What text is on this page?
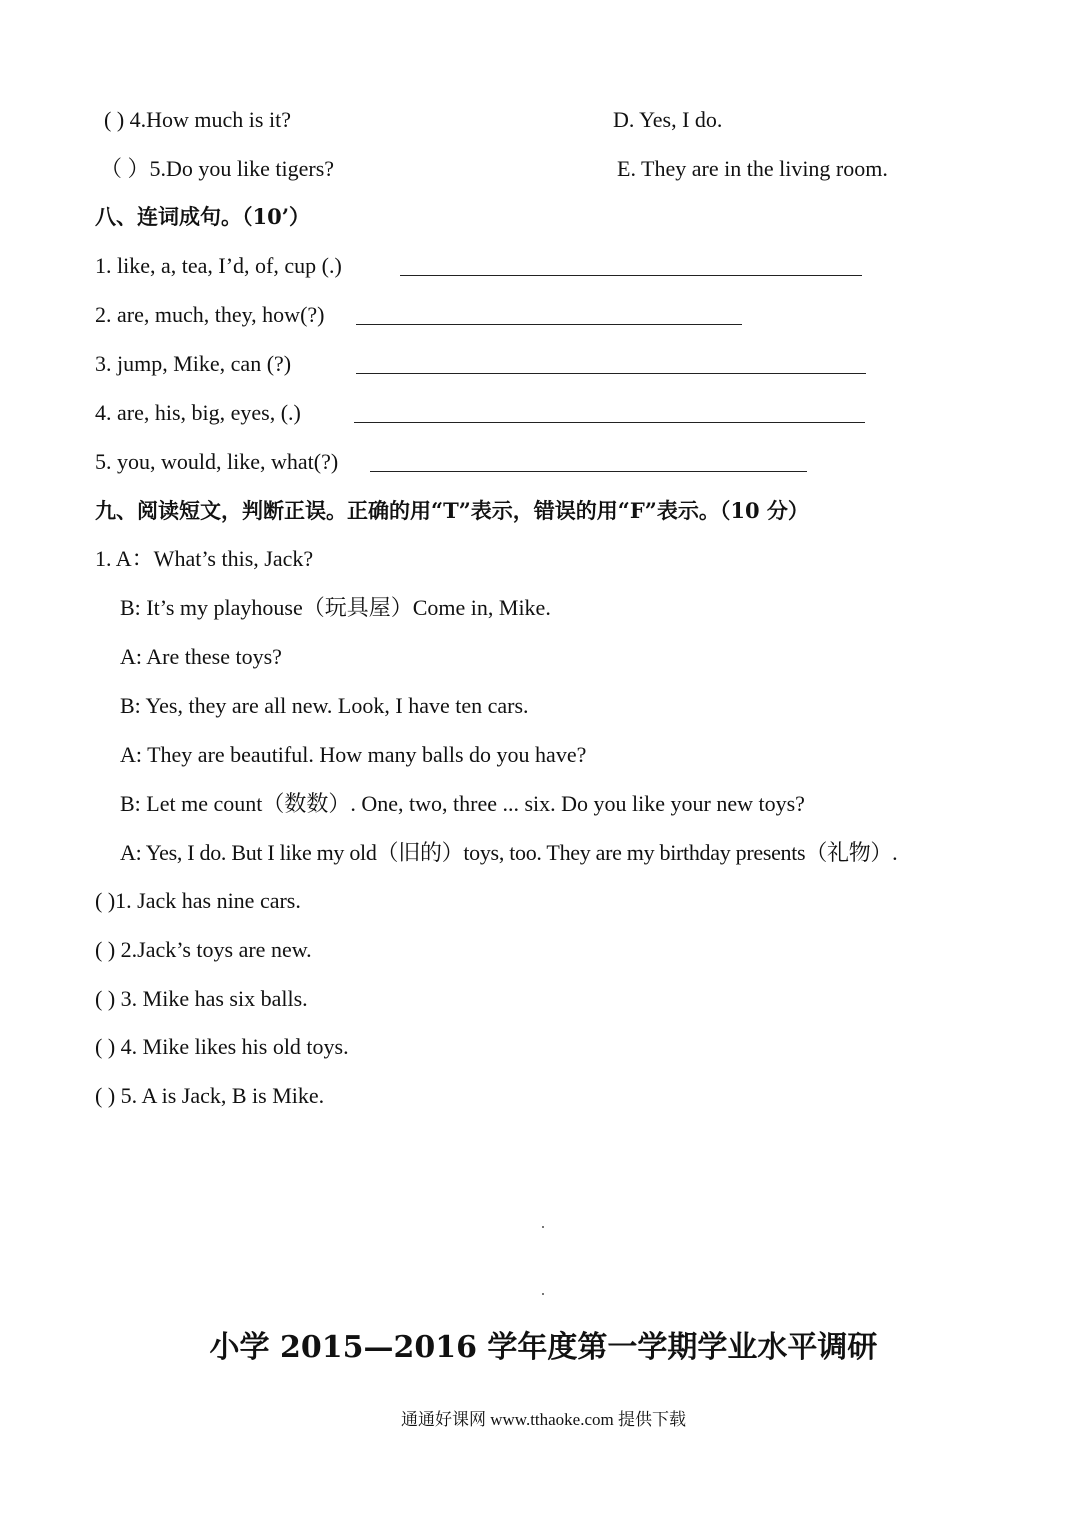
( ) 4.How much is it?	D. Yes, I do.
（ ）5.Do you like tigers?	E. They are in the living room.
八、连词成句。（10’）
1. like, a, tea, I’d, of, cup (.)
2. are, much, they, how(?)
3. jump, Mike, can (?)
4. are, his, big, eyes, (.)
5. you, would, like, what(?)
九、阅读短文，判断正误。正确的用“T”表示，错误的用“F”表示。（10 分）
1. A：What’s this, Jack?
B: It’s my playhouse（玩具屋）Come in, Mike.
A: Are these toys?
B: Yes, they are all new. Look, I have ten cars.
A: They are beautiful. How many balls do you have?
B: Let me count（数数）. One, two, three ... six. Do you like your new toys?
A: Yes, I do. But I like my old（旧的）toys, too. They are my birthday presents（礼物）.
( )1. Jack has nine cars.
( ) 2.Jack’s toys are new.
( ) 3. Mike has six balls.
( ) 4. Mike likes his old toys.
( ) 5. A is Jack, B is Mike.
小学 2015—2016 学年度第一学期学业水平调研
通通好课网 www.tthaoke.com 提供下载
